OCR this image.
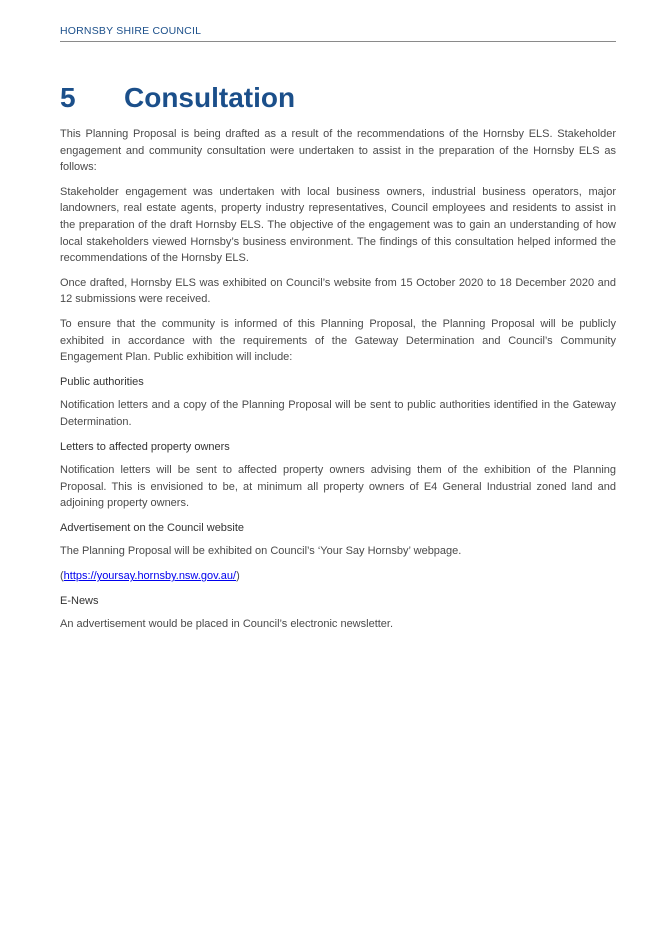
HORNSBY SHIRE COUNCIL
5 Consultation

This Planning Proposal is being drafted as a result of the recommendations of the Hornsby ELS. Stakeholder engagement and community consultation were undertaken to assist in the preparation of the Hornsby ELS as follows:

Stakeholder engagement was undertaken with local business owners, industrial business operators, major landowners, real estate agents, property industry representatives, Council employees and residents to assist in the preparation of the draft Hornsby ELS. The objective of the engagement was to gain an understanding of how local stakeholders viewed Hornsby’s business environment. The findings of this consultation helped informed the recommendations of the Hornsby ELS.

Once drafted, Hornsby ELS was exhibited on Council’s website from 15 October 2020 to 18 December 2020 and 12 submissions were received.

To ensure that the community is informed of this Planning Proposal, the Planning Proposal will be publicly exhibited in accordance with the requirements of the Gateway Determination and Council’s Community Engagement Plan. Public exhibition will include:

Public authorities

Notification letters and a copy of the Planning Proposal will be sent to public authorities identified in the Gateway Determination.

Letters to affected property owners

Notification letters will be sent to affected property owners advising them of the exhibition of the Planning Proposal. This is envisioned to be, at minimum all property owners of E4 General Industrial zoned land and adjoining property owners.

Advertisement on the Council website

The Planning Proposal will be exhibited on Council’s ‘Your Say Hornsby’ webpage.

(https://yoursay.hornsby.nsw.gov.au/)

E-News

An advertisement would be placed in Council’s electronic newsletter.
